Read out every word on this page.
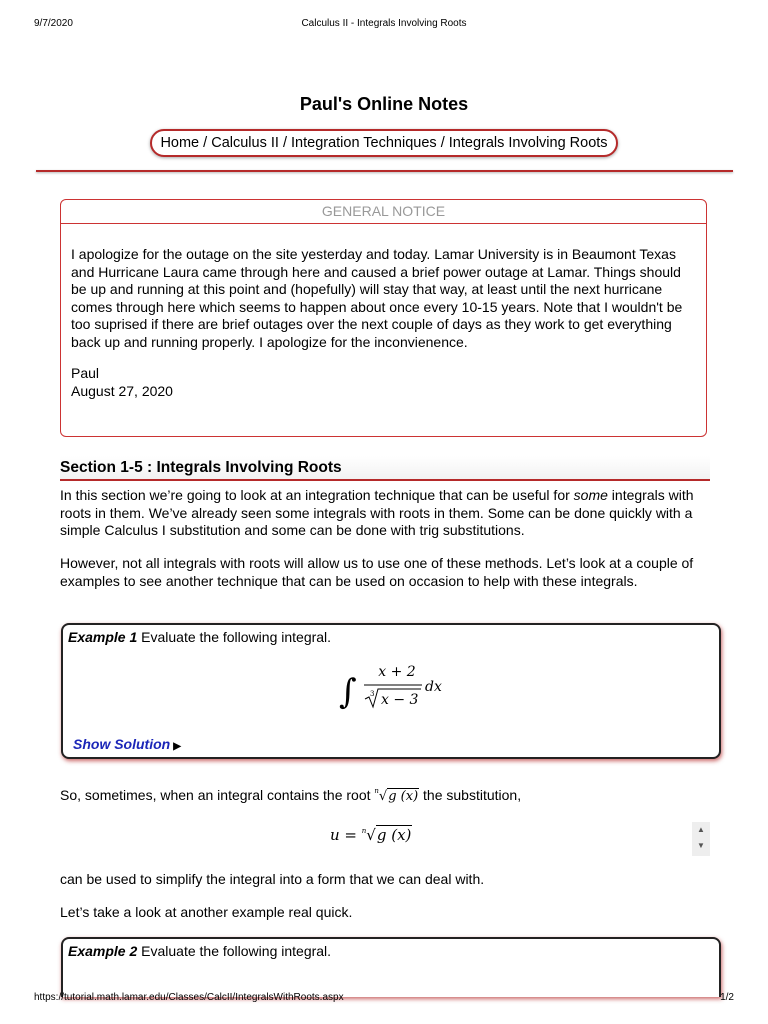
9/7/2020	Calculus II - Integrals Involving Roots
Paul's Online Notes
Home / Calculus II / Integration Techniques / Integrals Involving Roots
GENERAL NOTICE

I apologize for the outage on the site yesterday and today. Lamar University is in Beaumont Texas and Hurricane Laura came through here and caused a brief power outage at Lamar. Things should be up and running at this point and (hopefully) will stay that way, at least until the next hurricane comes through here which seems to happen about once every 10-15 years. Note that I wouldn't be too suprised if there are brief outages over the next couple of days as they work to get everything back up and running properly. I apologize for the inconvienence.

Paul
August 27, 2020
Section 1-5 : Integrals Involving Roots
In this section we’re going to look at an integration technique that can be useful for some integrals with roots in them. We’ve already seen some integrals with roots in them. Some can be done quickly with a simple Calculus I substitution and some can be done with trig substitutions.
However, not all integrals with roots will allow us to use one of these methods. Let’s look at a couple of examples to see another technique that can be used on occasion to help with these integrals.
Example 1 Evaluate the following integral.
∫ x + 2
3 x − 3
dx
Show Solution ▶
So, sometimes, when an integral contains the root $^n$√g (x) the substitution,
u = $^n$√g (x)	▲
▼
can be used to simplify the integral into a form that we can deal with.
Let’s take a look at another example real quick.
Example 2 Evaluate the following integral.
https://tutorial.math.lamar.edu/Classes/CalcII/IntegralsWithRoots.aspx	1/2
